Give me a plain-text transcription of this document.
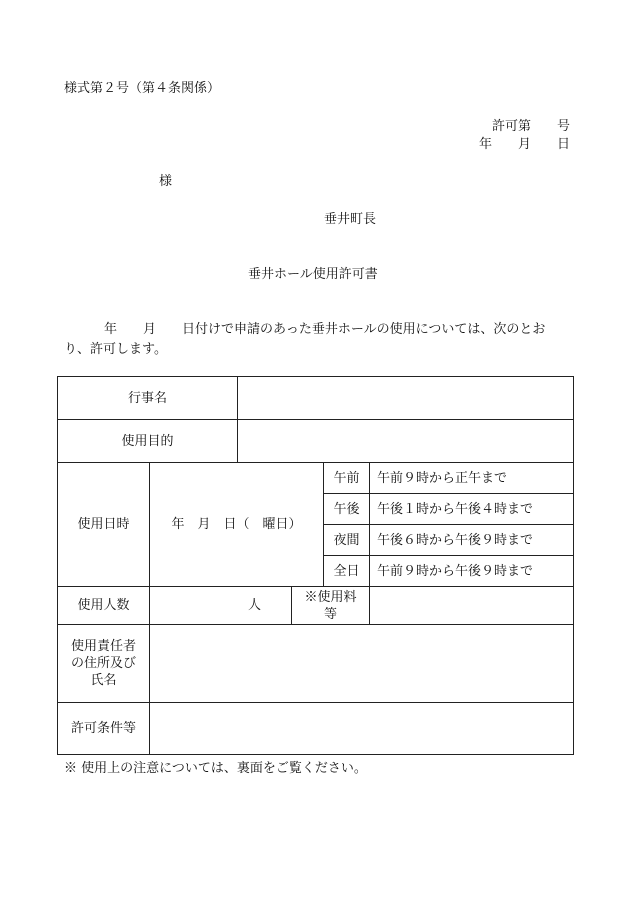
様式第２号（第４条関係）
許可第　　号
年　　月　　日
様
垂井町長
垂井ホール使用許可書
年　　月　　日付けで申請のあった垂井ホールの使用については、次のとお
り、許可します。
行事名					
使用目的					
使用日時	年　月　日（　曜日）			午前	午前９時から正午まで
				午後	午後１時から午後４時まで
				夜間	午後６時から午後９時まで
				全日	午前９時から午後９時まで
使用人数	人		※使用料
等		

使用責任者
の住所及び
氏名					

許可条件等					
※ 使用上の注意については、裏面をご覧ください。
